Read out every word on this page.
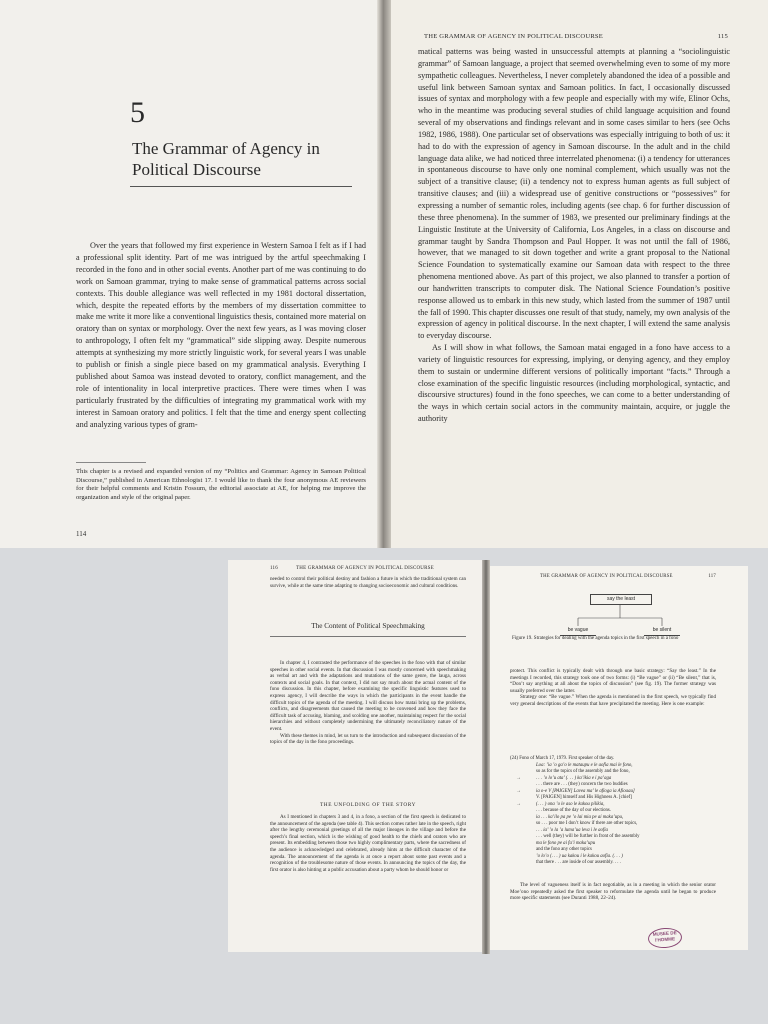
5
The Grammar of Agency in
Political Discourse
Over the years that followed my first experience in Western Samoa I felt as if I had a professional split identity. Part of me was intrigued by the artful speechmaking I recorded in the fono and in other social events. Another part of me was continuing to do work on Samoan grammar, trying to make sense of grammatical patterns across social contexts. This double allegiance was well reflected in my 1981 doctoral dissertation, which, despite the repeated efforts by the members of my dissertation committee to make me write it more like a conventional linguistics thesis, contained more material on oratory than on syntax or morphology. Over the next few years, as I was moving closer to anthropology, I often felt my “grammatical” side slipping away. Despite numerous attempts at synthesizing my more strictly linguistic work, for several years I was unable to publish or finish a single piece based on my grammatical analysis. Everything I published about Samoa was instead devoted to oratory, conflict management, and the role of intentionality in local interpretive practices. There were times when I was particularly frustrated by the difficulties of integrating my grammatical work with my interest in Samoan oratory and politics. I felt that the time and energy spent collecting and analyzing various types of gram-
This chapter is a revised and expanded version of my “Politics and Grammar: Agency in Samoan Political Discourse,” published in American Ethnologist 17. I would like to thank the four anonymous AE reviewers for their helpful comments and Kristin Fossum, the editorial associate at AE, for helping me improve the organization and style of the original paper.
114
THE GRAMMAR OF AGENCY IN POLITICAL DISCOURSE	115
matical patterns was being wasted in unsuccessful attempts at planning a “sociolinguistic grammar” of Samoan language, a project that seemed overwhelming even to some of my more sympathetic colleagues. Nevertheless, I never completely abandoned the idea of a possible and useful link between Samoan syntax and Samoan politics. In fact, I occasionally discussed issues of syntax and morphology with a few people and especially with my wife, Elinor Ochs, who in the meantime was producing several studies of child language acquisition and found several of my observations and findings relevant and in some cases similar to hers (see Ochs 1982, 1986, 1988). One particular set of observations was especially intriguing to both of us: it had to do with the expression of agency in Samoan discourse. In the adult and in the child language data alike, we had noticed three interrelated phenomena: (i) a tendency for utterances in spontaneous discourse to have only one nominal complement, which usually was not the subject of a transitive clause; (ii) a tendency not to express human agents as full subject of transitive clauses; and (iii) a widespread use of genitive constructions or “possessives” for expressing a number of semantic roles, including agents (see chap. 6 for further discussion of these three phenomena). In the summer of 1983, we presented our preliminary findings at the Linguistic Institute at the University of California, Los Angeles, in a class on discourse and grammar taught by Sandra Thompson and Paul Hopper. It was not until the fall of 1986, however, that we managed to sit down together and write a grant proposal to the National Science Foundation to systematically examine our Samoan data with respect to the three phenomena mentioned above. As part of this project, we also planned to transfer a portion of our handwritten transcripts to computer disk. The National Science Foundation’s positive response allowed us to embark in this new study, which lasted from the summer of 1987 until the fall of 1990. This chapter discusses one result of that study, namely, my own analysis of the expression of agency in political discourse. In the next chapter, I will extend the same analysis to everyday discourse.
As I will show in what follows, the Samoan matai engaged in a fono have access to a variety of linguistic resources for expressing, implying, or denying agency, and they employ them to sustain or undermine different versions of politically important “facts.” Through a close examination of the specific linguistic resources (including morphological, syntactic, and discoursive structures) found in the fono speeches, we can come to a better understanding of the ways in which certain social actors in the community maintain, acquire, or juggle the authority
116	THE GRAMMAR OF AGENCY IN POLITICAL DISCOURSE
needed to control their political destiny and fashion a future in which the traditional system can survive, while at the same time adapting to changing socioeconomic and cultural conditions.
The Content of Political Speechmaking
In chapter 4, I contrasted the performance of the speeches in the fono with that of similar speeches in other social events. In that discussion I was mostly concerned with speechmaking as verbal art and with the adaptations and mutations of the same genre, the lauga, across contexts and social goals. In that context, I did not say much about the actual content of the fono discussion. In this chapter, before examining the specific linguistic features used to express agency, I will describe the ways in which the participants in the event handle the difficult topics of the agenda of the meeting. I will discuss how matai bring up the problems, conflicts, and disagreements that caused the meeting to be convened and how they face the difficult task of accusing, blaming, and scolding one another, maintaining respect for the social hierarchies and without completely undermining the ultimately reconciliatory nature of the event.
With these themes in mind, let us turn to the introduction and subsequent discussion of the topics of the day in the fono proceedings.
THE UNFOLDING OF THE STORY
As I mentioned in chapters 3 and 4, in a fono, a section of the first speech is dedicated to the announcement of the agenda (see table 4). This section comes rather late in the speech, right after the lengthy ceremonial greetings of all the major lineages in the village and before the speech’s final section, which is the wishing of good health to the chiefs and orators who are present. Its embedding between those two highly complimentary parts, where the sacredness of the audience is acknowledged and celebrated, already hints at the difficult character of the agenda. The announcement of the agenda is at once a report about some past events and a recognition of the troublesome nature of those events. In announcing the topics of the day, the first orator is also hinting at a public accusation about a party whom he should honor or
THE GRAMMAR OF AGENCY IN POLITICAL DISCOURSE	117
say the least
be vague	be silent
Figure 19. Strategies for dealing with the agenda topics in the first speech in a fono
protect. This conflict is typically dealt with through one basic strategy: “Say the least.” In the meetings I recorded, this strategy took one of two forms: (i) “Be vague” or (ii) “Be silent,” that is, “Don’t say anything at all about the topics of discussion” (see fig. 19). The former strategy was usually preferred over the latter.
Strategy one: “Be vague.” When the agenda is mentioned in the first speech, we typically find very general descriptions of the events that have precipitated the meeting. Here is one example:
(24) Fono of March 17, 1979. First speaker of the day.
Loa: ’ia ’o ga’o le mataupu e le aofia mai le fono,
so as for the topics of the assembly and the fono,
→	. . . ’o lo’u ata’ (. . . ) ka’ikia e i pa’aga
. . . there are . . . (they) concern the two buddies
→	ia o-e V [PAIGEN] Lavea ma’ le afioga ia Afioaau]
V. [PAIGEN] himself and His Highness A. [chief]
→	(. . . ) ona ’o le aso le kakou pilikia,
. . . because of the day of our elections.
ia . . . ka’ilo pa pe ’o lai mia pe ai maka’upu,
so . . . poor me I don’t know if there are other topics,
. . . ia’ ’o la ’a luma’ua leva i le aofia
. . . well (they) will be further in front of the assembly
ma le fono pe ai fa’i maka’upu
and the fono any other topics
’o lo’o (. . . ) ua kakou i le kakou aofia. (. . . )
that there . . . are inside of our assembly. . . .
The level of vagueness itself is in fact negotiable, as in a meeting in which the senior orator Moe’ono repeatedly asked the first speaker to reformulate the agenda until he began to produce more specific statements (see Duranti 1988, 22–24).
MUSEE DE
l'HOMME
